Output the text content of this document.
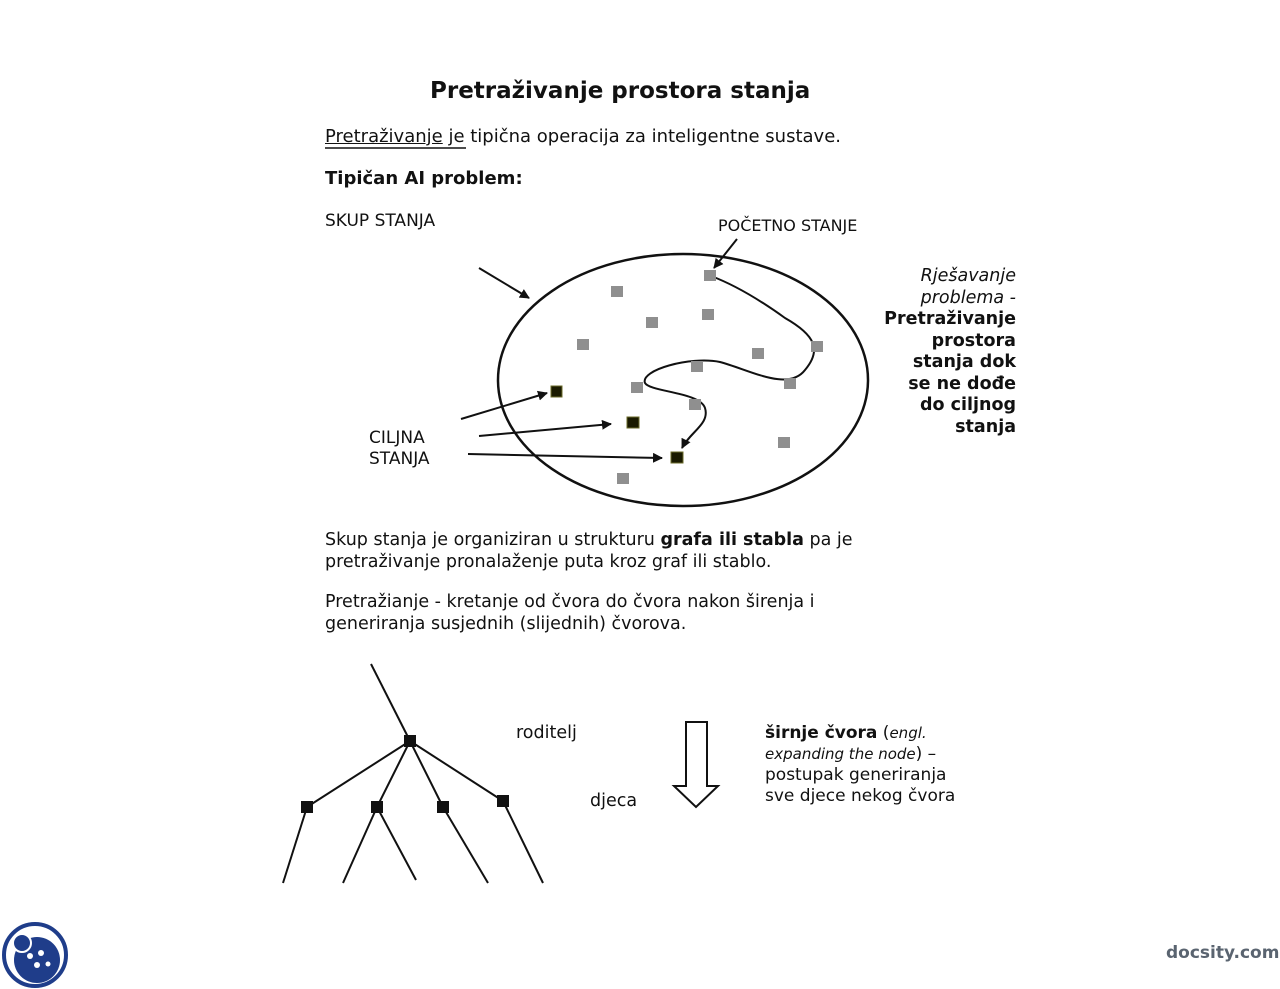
Pretraživanje prostora stanja
Pretraživanje je tipična operacija za inteligentne sustave.
Tipičan AI problem:
SKUP STANJA	POČETNO STANJE
Rješavanje
problema -
Pretraživanje
prostora
stanja dok
se ne dođe
do ciljnog
stanja
CILJNA
STANJA
Skup stanja je organiziran u strukturu grafa ili stabla pa je
pretraživanje pronalaženje puta kroz graf ili stablo.
Pretražianje - kretanje od čvora do čvora nakon širenja i
generiranja susjednih (slijednih) čvorova.
roditelj
djeca
širnje čvora (engl.
expanding the node) –
postupak generiranja
sve djece nekog čvora
docsity.com
